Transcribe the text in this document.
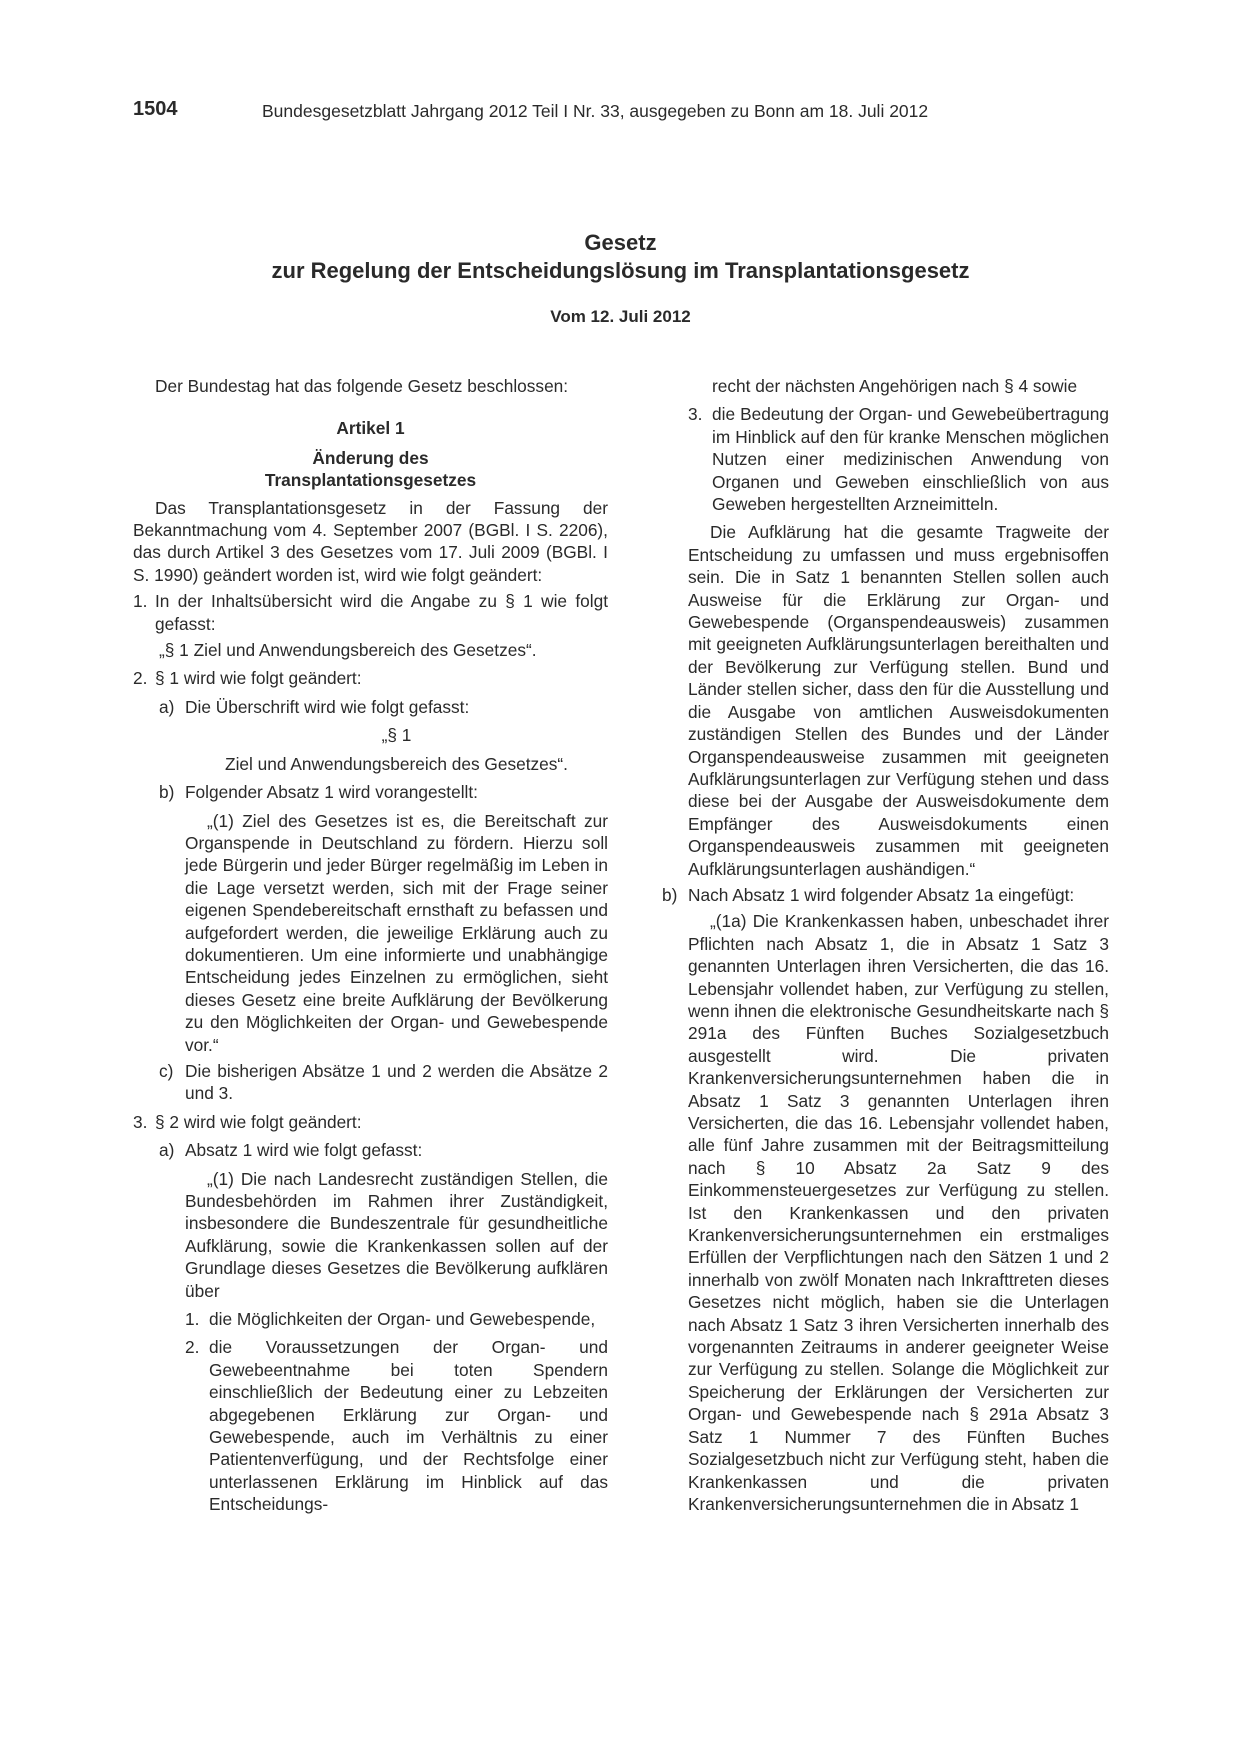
1504	Bundesgesetzblatt Jahrgang 2012 Teil I Nr. 33, ausgegeben zu Bonn am 18. Juli 2012
Gesetz
zur Regelung der Entscheidungslösung im Transplantationsgesetz
Vom 12. Juli 2012

Der Bundestag hat das folgende Gesetz beschlossen:

Artikel 1

Änderung des

Transplantationsgesetzes

Das Transplantationsgesetz in der Fassung der Bekanntmachung vom 4. September 2007 (BGBl. I S. 2206), das durch Artikel 3 des Gesetzes vom 17. Juli 2009 (BGBl. I S. 1990) geändert worden ist, wird wie folgt geändert:

1. In der Inhaltsübersicht wird die Angabe zu § 1 wie folgt gefasst:

„§ 1 Ziel und Anwendungsbereich des Gesetzes“.

2. § 1 wird wie folgt geändert:

a) Die Überschrift wird wie folgt gefasst:

„§ 1

Ziel und Anwendungsbereich des Gesetzes“.

b) Folgender Absatz 1 wird vorangestellt:

„(1) Ziel des Gesetzes ist es, die Bereitschaft zur Organspende in Deutschland zu fördern. Hierzu soll jede Bürgerin und jeder Bürger regelmäßig im Leben in die Lage versetzt werden, sich mit der Frage seiner eigenen Spendebereitschaft ernsthaft zu befassen und aufgefordert werden, die jeweilige Erklärung auch zu dokumentieren. Um eine informierte und unabhängige Entscheidung jedes Einzelnen zu ermöglichen, sieht dieses Gesetz eine breite Aufklärung der Bevölkerung zu den Möglichkeiten der Organ- und Gewebespende vor.“

c) Die bisherigen Absätze 1 und 2 werden die Absätze 2 und 3.

3. § 2 wird wie folgt geändert:

a) Absatz 1 wird wie folgt gefasst:

„(1) Die nach Landesrecht zuständigen Stellen, die Bundesbehörden im Rahmen ihrer Zuständigkeit, insbesondere die Bundeszentrale für gesundheitliche Aufklärung, sowie die Krankenkassen sollen auf der Grundlage dieses Gesetzes die Bevölkerung aufklären über

1. die Möglichkeiten der Organ- und Gewebespende,

2. die Voraussetzungen der Organ- und Gewebeentnahme bei toten Spendern einschließlich der Bedeutung einer zu Lebzeiten abgegebenen Erklärung zur Organ- und Gewebespende, auch im Verhältnis zu einer Patientenverfügung, und der Rechtsfolge einer unterlassenen Erklärung im Hinblick auf das Entscheidungs-

recht der nächsten Angehörigen nach § 4 sowie

3. die Bedeutung der Organ- und Gewebeübertragung im Hinblick auf den für kranke Menschen möglichen Nutzen einer medizinischen Anwendung von Organen und Geweben einschließlich von aus Geweben hergestellten Arzneimitteln.

Die Aufklärung hat die gesamte Tragweite der Entscheidung zu umfassen und muss ergebnisoffen sein. Die in Satz 1 benannten Stellen sollen auch Ausweise für die Erklärung zur Organ- und Gewebespende (Organspendeausweis) zusammen mit geeigneten Aufklärungsunterlagen bereithalten und der Bevölkerung zur Verfügung stellen. Bund und Länder stellen sicher, dass den für die Ausstellung und die Ausgabe von amtlichen Ausweisdokumenten zuständigen Stellen des Bundes und der Länder Organspendeausweise zusammen mit geeigneten Aufklärungsunterlagen zur Verfügung stehen und dass diese bei der Ausgabe der Ausweisdokumente dem Empfänger des Ausweisdokuments einen Organspendeausweis zusammen mit geeigneten Aufklärungsunterlagen aushändigen.“

b) Nach Absatz 1 wird folgender Absatz 1a eingefügt:

„(1a) Die Krankenkassen haben, unbeschadet ihrer Pflichten nach Absatz 1, die in Absatz 1 Satz 3 genannten Unterlagen ihren Versicherten, die das 16. Lebensjahr vollendet haben, zur Verfügung zu stellen, wenn ihnen die elektronische Gesundheitskarte nach § 291a des Fünften Buches Sozialgesetzbuch ausgestellt wird. Die privaten Krankenversicherungsunternehmen haben die in Absatz 1 Satz 3 genannten Unterlagen ihren Versicherten, die das 16. Lebensjahr vollendet haben, alle fünf Jahre zusammen mit der Beitragsmitteilung nach § 10 Absatz 2a Satz 9 des Einkommensteuergesetzes zur Verfügung zu stellen. Ist den Krankenkassen und den privaten Krankenversicherungsunternehmen ein erstmaliges Erfüllen der Verpflichtungen nach den Sätzen 1 und 2 innerhalb von zwölf Monaten nach Inkrafttreten dieses Gesetzes nicht möglich, haben sie die Unterlagen nach Absatz 1 Satz 3 ihren Versicherten innerhalb des vorgenannten Zeitraums in anderer geeigneter Weise zur Verfügung zu stellen. Solange die Möglichkeit zur Speicherung der Erklärungen der Versicherten zur Organ- und Gewebespende nach § 291a Absatz 3 Satz 1 Nummer 7 des Fünften Buches Sozialgesetzbuch nicht zur Verfügung steht, haben die Krankenkassen und die privaten Krankenversicherungsunternehmen die in Absatz 1
